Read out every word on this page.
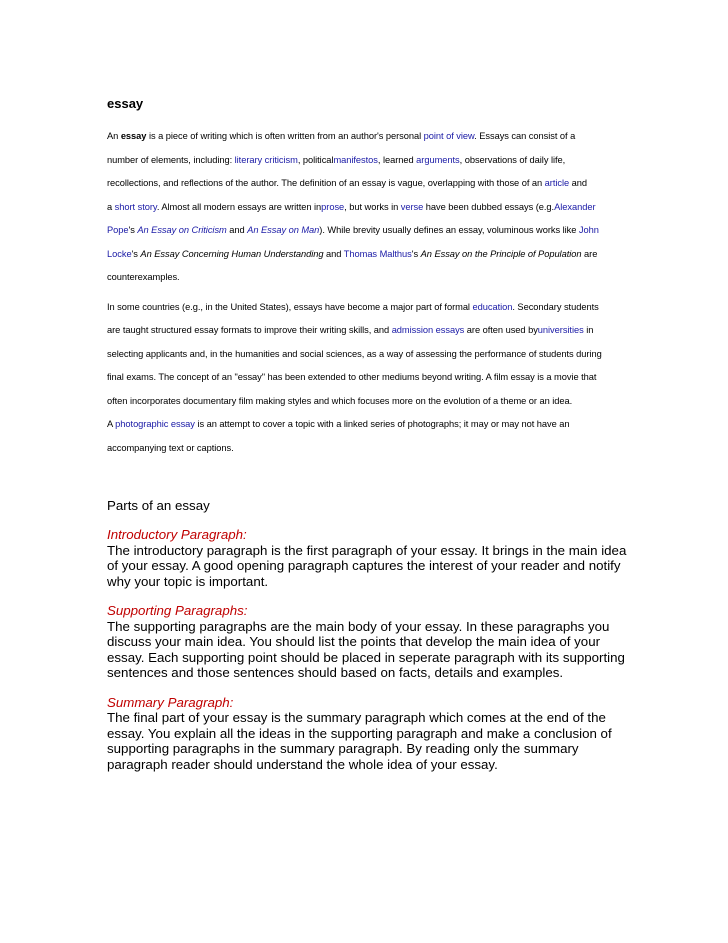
essay
An essay is a piece of writing which is often written from an author's personal point of view. Essays can consist of a
number of elements, including: literary criticism, politicalmanifestos, learned arguments, observations of daily life,
recollections, and reflections of the author. The definition of an essay is vague, overlapping with those of an article and
a short story. Almost all modern essays are written inprose, but works in verse have been dubbed essays (e.g.Alexander
Pope's An Essay on Criticism and An Essay on Man). While brevity usually defines an essay, voluminous works like John
Locke's An Essay Concerning Human Understanding and Thomas Malthus's An Essay on the Principle of Population are
counterexamples.
In some countries (e.g., in the United States), essays have become a major part of formal education. Secondary students
are taught structured essay formats to improve their writing skills, and admission essays are often used byuniversities in
selecting applicants and, in the humanities and social sciences, as a way of assessing the performance of students during
final exams. The concept of an "essay" has been extended to other mediums beyond writing. A film essay is a movie that
often incorporates documentary film making styles and which focuses more on the evolution of a theme or an idea.
A photographic essay is an attempt to cover a topic with a linked series of photographs; it may or may not have an
accompanying text or captions.
Parts of an essay
Introductory Paragraph:
The introductory paragraph is the first paragraph of your essay. It brings in the main idea
of your essay. A good opening paragraph captures the interest of your reader and notify
why your topic is important.
Supporting Paragraphs:
The supporting paragraphs are the main body of your essay. In these paragraphs you
discuss your main idea. You should list the points that develop the main idea of your
essay. Each supporting point should be placed in seperate paragraph with its supporting
sentences and those sentences should based on facts, details and examples.
Summary Paragraph:
The final part of your essay is the summary paragraph which comes at the end of the
essay. You explain all the ideas in the supporting paragraph and make a conclusion of
supporting paragraphs in the summary paragraph. By reading only the summary
paragraph reader should understand the whole idea of your essay.
